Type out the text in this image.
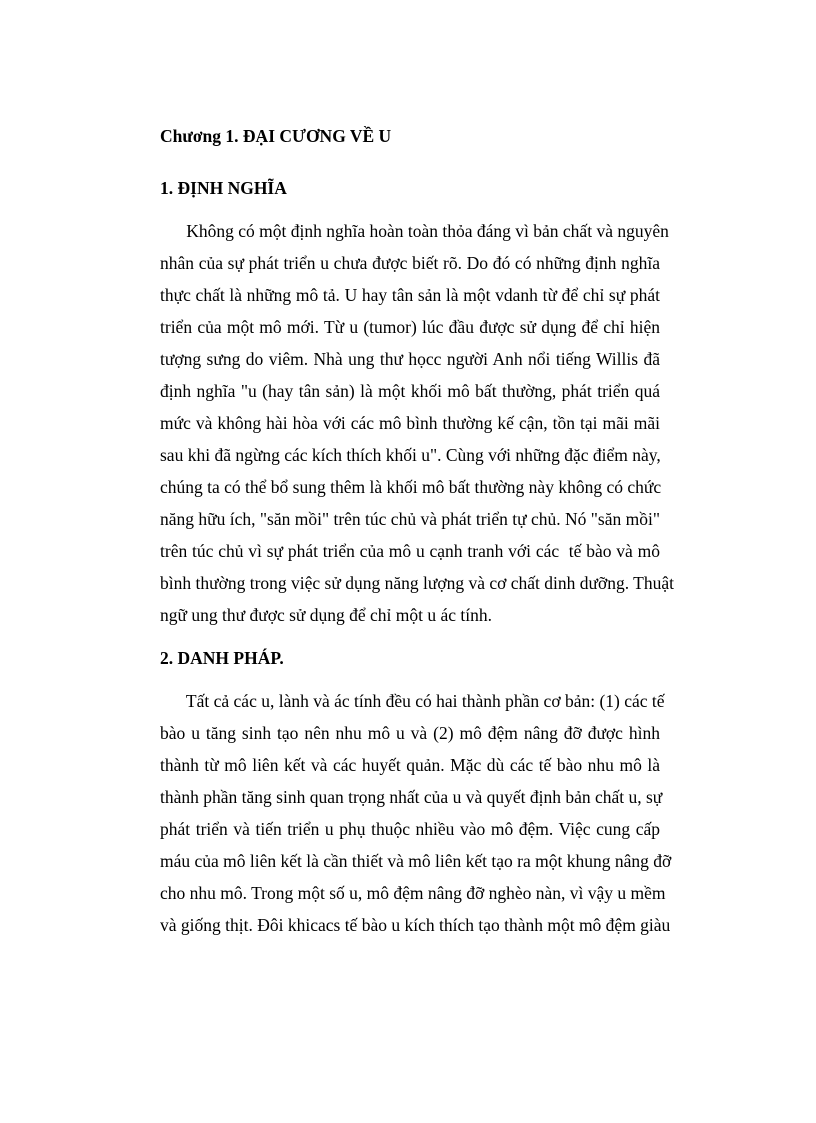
Chương 1. ĐẠI CƯƠNG VỀ U
1. ĐỊNH NGHĨA
Không có một định nghĩa hoàn toàn thỏa đáng vì bản chất và nguyên
nhân của sự phát triển u chưa được biết rõ. Do đó có những định nghĩa
thực chất là những mô tả. U hay tân sản là một vdanh từ để chỉ sự phát
triển của một mô mới. Từ u (tumor) lúc đầu được sử dụng để chỉ hiện
tượng sưng do viêm. Nhà ung thư họcc người Anh nổi tiếng Willis đã
định nghĩa "u (hay tân sản) là một khối mô bất thường, phát triển quá
mức và không hài hòa với các mô bình thường kế cận, tồn tại mãi mãi
sau khi đã ngừng các kích thích khối u". Cùng với những đặc điểm này,
chúng ta có thể bổ sung thêm là khối mô bất thường này không có chức
năng hữu ích, "săn mồi" trên túc chủ và phát triển tự chủ. Nó "săn mồi"
trên túc chủ vì sự phát triển của mô u cạnh tranh với các  tế bào và mô
bình thường trong việc sử dụng năng lượng và cơ chất dinh dưỡng. Thuật
ngữ ung thư được sử dụng để chỉ một u ác tính.
2. DANH PHÁP.
Tất cả các u, lành và ác tính đều có hai thành phần cơ bản: (1) các tế
bào u tăng sinh tạo nên nhu mô u và (2) mô đệm nâng đỡ được hình
thành từ mô liên kết và các huyết quản. Mặc dù các tế bào nhu mô là
thành phần tăng sinh quan trọng nhất của u và quyết định bản chất u, sự
phát triển và tiến triển u phụ thuộc nhiều vào mô đệm. Việc cung cấp
máu của mô liên kết là cần thiết và mô liên kết tạo ra một khung nâng đỡ
cho nhu mô. Trong một số u, mô đệm nâng đỡ nghèo nàn, vì vậy u mềm
và giống thịt. Đôi khicacs tế bào u kích thích tạo thành một mô đệm giàu
